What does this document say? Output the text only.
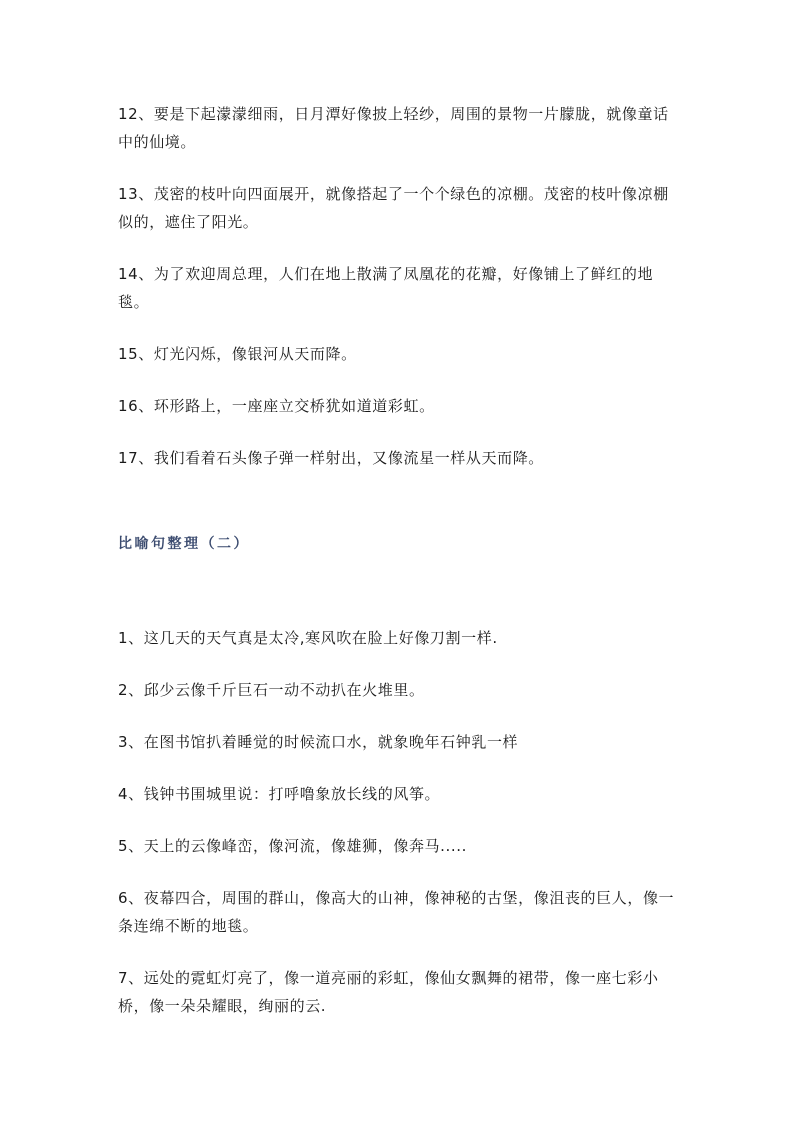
12、要是下起濛濛细雨，日月潭好像披上轻纱，周围的景物一片朦胧，就像童话中的仙境。

13、茂密的枝叶向四面展开，就像搭起了一个个绿色的凉棚。茂密的枝叶像凉棚似的，遮住了阳光。

14、为了欢迎周总理，人们在地上散满了凤凰花的花瓣，好像铺上了鲜红的地毯。

15、灯光闪烁，像银河从天而降。

16、环形路上，一座座立交桥犹如道道彩虹。

17、我们看着石头像子弹一样射出，又像流星一样从天而降。

比喻句整理（二）

1、这几天的天气真是太冷,寒风吹在脸上好像刀割一样.

2、邱少云像千斤巨石一动不动扒在火堆里。

3、在图书馆扒着睡觉的时候流口水，就象晚年石钟乳一样

4、钱钟书围城里说：打呼噜象放长线的风筝。

5、天上的云像峰峦，像河流，像雄狮，像奔马.....

6、夜幕四合，周围的群山，像高大的山神，像神秘的古堡，像沮丧的巨人，像一条连绵不断的地毯。

7、远处的霓虹灯亮了，像一道亮丽的彩虹，像仙女飘舞的裙带，像一座七彩小桥，像一朵朵耀眼，绚丽的云.
